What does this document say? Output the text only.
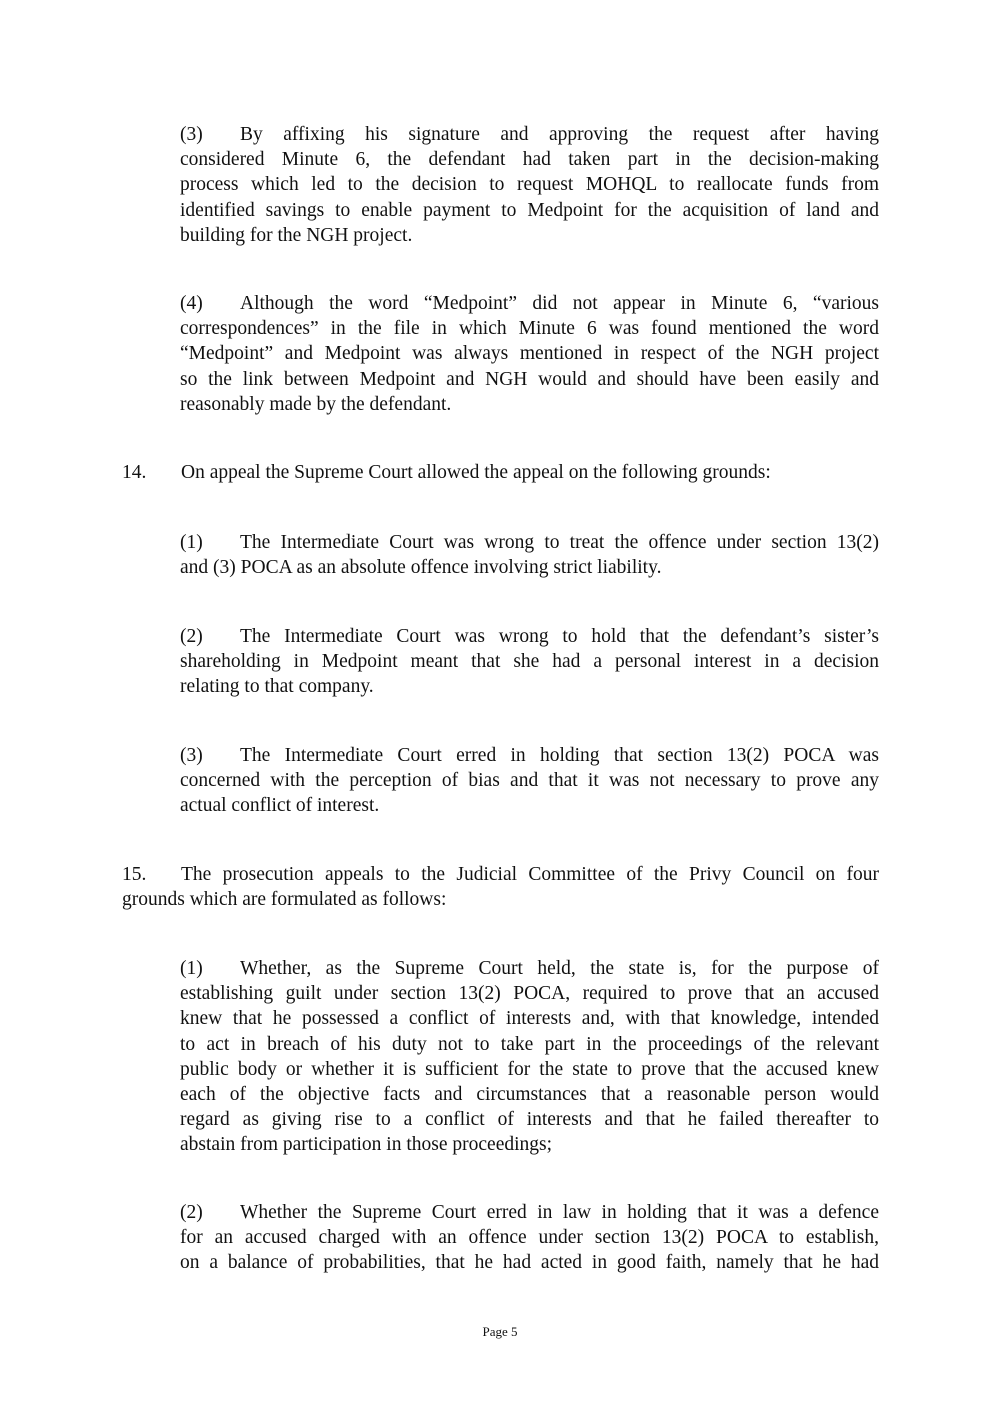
(3) By affixing his signature and approving the request after having
considered Minute 6, the defendant had taken part in the decision-making
process which led to the decision to request MOHQL to reallocate funds from
identified savings to enable payment to Medpoint for the acquisition of land and
building for the NGH project.
(4) Although the word “Medpoint” did not appear in Minute 6, “various
correspondences” in the file in which Minute 6 was found mentioned the word
“Medpoint” and Medpoint was always mentioned in respect of the NGH project
so the link between Medpoint and NGH would and should have been easily and
reasonably made by the defendant.
14. On appeal the Supreme Court allowed the appeal on the following grounds:
(1) The Intermediate Court was wrong to treat the offence under section 13(2)
and (3) POCA as an absolute offence involving strict liability.
(2) The Intermediate Court was wrong to hold that the defendant’s sister’s
shareholding in Medpoint meant that she had a personal interest in a decision
relating to that company.
(3) The Intermediate Court erred in holding that section 13(2) POCA was
concerned with the perception of bias and that it was not necessary to prove any
actual conflict of interest.
15. The prosecution appeals to the Judicial Committee of the Privy Council on four
grounds which are formulated as follows:
(1) Whether, as the Supreme Court held, the state is, for the purpose of
establishing guilt under section 13(2) POCA, required to prove that an accused
knew that he possessed a conflict of interests and, with that knowledge, intended
to act in breach of his duty not to take part in the proceedings of the relevant
public body or whether it is sufficient for the state to prove that the accused knew
each of the objective facts and circumstances that a reasonable person would
regard as giving rise to a conflict of interests and that he failed thereafter to
abstain from participation in those proceedings;
(2) Whether the Supreme Court erred in law in holding that it was a defence
for an accused charged with an offence under section 13(2) POCA to establish,
on a balance of probabilities, that he had acted in good faith, namely that he had
Page 5
